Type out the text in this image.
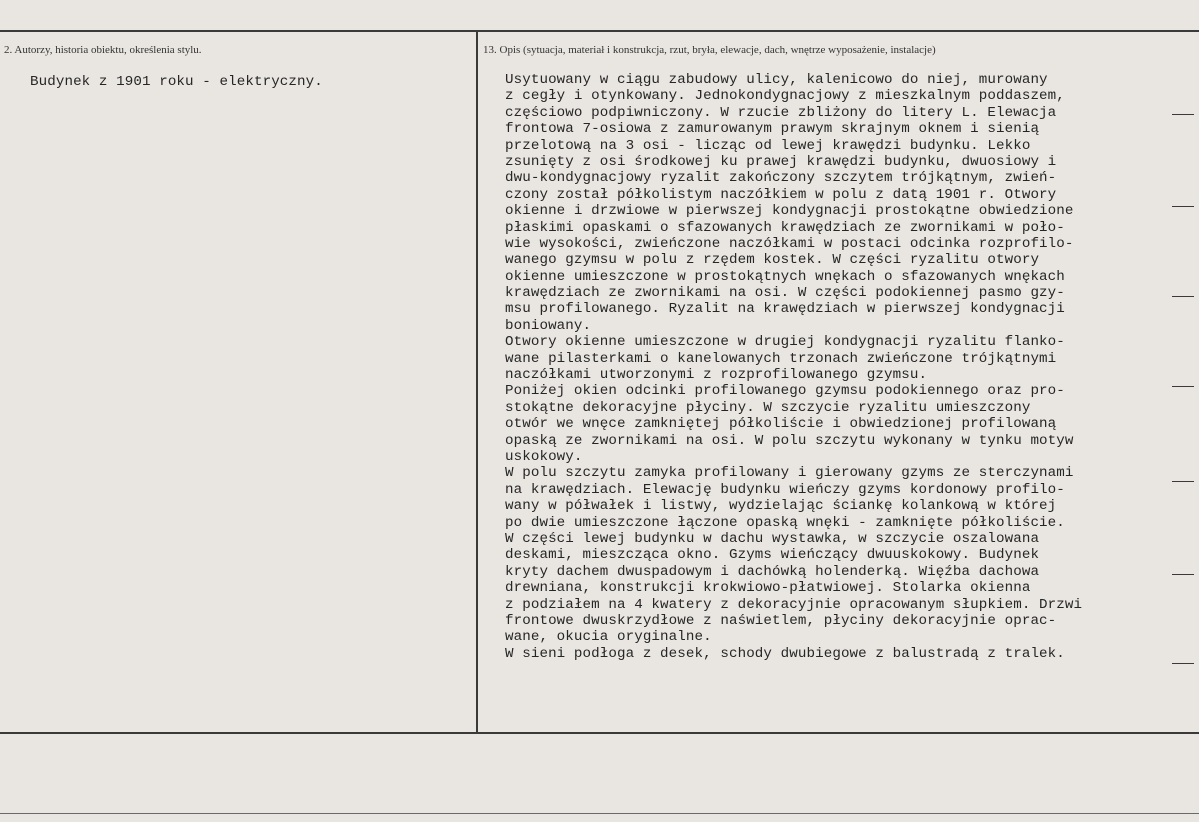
2. Autorzy, historia obiektu, określenia stylu.	13. Opis (sytuacja, materiał i konstrukcja, rzut, bryła, elewacje, dach, wnętrze wyposażenie, instalacje)
Budynek z 1901 roku - elektryczny.	Usytuowany w ciągu zabudowy ulicy, kalenicowo do niej, murowany
z cegły i otynkowany. Jednokondygnacjowy z mieszkalnym poddaszem,
częściowo podpiwniczony. W rzucie zbliżony do litery L. Elewacja
frontowa 7-osiowa z zamurowanym prawym skrajnym oknem i sienią
przelotową na 3 osi - licząc od lewej krawędzi budynku. Lekko
zsunięty z osi środkowej ku prawej krawędzi budynku, dwuosiowy i
dwu-kondygnacjowy ryzalit zakończony szczytem trójkątnym, zwień-
czony został półkolistym naczółkiem w polu z datą 1901 r. Otwory
okienne i drzwiowe w pierwszej kondygnacji prostokątne obwiedzione
płaskimi opaskami o sfazowanych krawędziach ze zwornikami w poło-
wie wysokości, zwieńczone naczółkami w postaci odcinka rozprofilo-
wanego gzymsu w polu z rzędem kostek. W części ryzalitu otwory
okienne umieszczone w prostokątnych wnękach o sfazowanych wnękach
krawędziach ze zwornikami na osi. W części podokiennej pasmo gzy-
msu profilowanego. Ryzalit na krawędziach w pierwszej kondygnacji
boniowany.
Otwory okienne umieszczone w drugiej kondygnacji ryzalitu flanko-
wane pilasterkami o kanelowanych trzonach zwieńczone trójkątnymi
naczółkami utworzonymi z rozprofilowanego gzymsu.
Poniżej okien odcinki profilowanego gzymsu podokiennego oraz pro-
stokątne dekoracyjne płyciny. W szczycie ryzalitu umieszczony
otwór we wnęce zamkniętej półkoliście i obwiedzionej profilowaną
opaską ze zwornikami na osi. W polu szczytu wykonany w tynku motyw
uskokowy.
W polu szczytu zamyka profilowany i gierowany gzyms ze sterczynami
na krawędziach. Elewację budynku wieńczy gzyms kordonowy profilo-
wany w półwałek i listwy, wydzielając ściankę kolankową w której
po dwie umieszczone łączone opaską wnęki - zamknięte półkoliście.
W części lewej budynku w dachu wystawka, w szczycie oszalowana
deskami, mieszcząca okno. Gzyms wieńczący dwuuskokowy. Budynek
kryty dachem dwuspadowym i dachówką holenderką. Więźba dachowa
drewniana, konstrukcji krokwiowo-płatwiowej. Stolarka okienna
z podziałem na 4 kwatery z dekoracyjnie opracowanym słupkiem. Drzwi
frontowe dwuskrzydłowe z naświetlem, płyciny dekoracyjnie oprac-
wane, okucia oryginalne.
W sieni podłoga z desek, schody dwubiegowe z balustradą z tralek.
